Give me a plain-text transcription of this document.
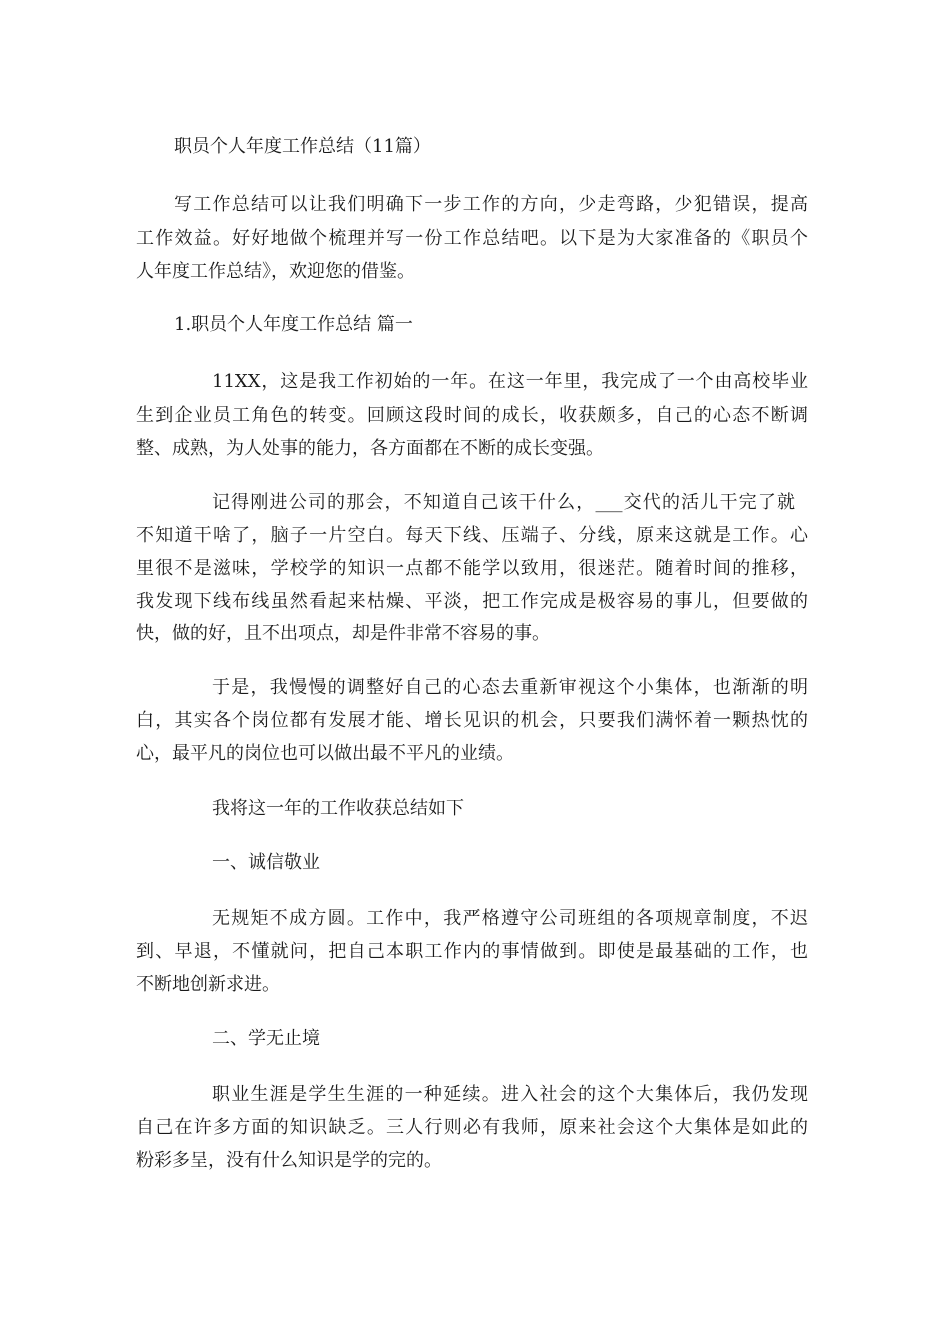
职员个人年度工作总结（11篇）
写工作总结可以让我们明确下一步工作的方向，少走弯路，少犯错误，提高
工作效益。好好地做个梳理并写一份工作总结吧。以下是为大家准备的《职员个
人年度工作总结》，欢迎您的借鉴。
1.职员个人年度工作总结 篇一
11XX，这是我工作初始的一年。在这一年里，我完成了一个由高校毕业
生到企业员工角色的转变。回顾这段时间的成长，收获颇多，自己的心态不断调
整、成熟，为人处事的能力，各方面都在不断的成长变强。
记得刚进公司的那会，不知道自己该干什么，___交代的活儿干完了就
不知道干啥了，脑子一片空白。每天下线、压端子、分线，原来这就是工作。心
里很不是滋味，学校学的知识一点都不能学以致用，很迷茫。随着时间的推移，
我发现下线布线虽然看起来枯燥、平淡，把工作完成是极容易的事儿，但要做的
快，做的好，且不出项点，却是件非常不容易的事。
于是，我慢慢的调整好自己的心态去重新审视这个小集体，也渐渐的明
白，其实各个岗位都有发展才能、增长见识的机会，只要我们满怀着一颗热忱的
心，最平凡的岗位也可以做出最不平凡的业绩。
我将这一年的工作收获总结如下
一、诚信敬业
无规矩不成方圆。工作中，我严格遵守公司班组的各项规章制度，不迟
到、早退，不懂就问，把自己本职工作内的事情做到。即使是最基础的工作，也
不断地创新求进。
二、学无止境
职业生涯是学生生涯的一种延续。进入社会的这个大集体后，我仍发现
自己在许多方面的知识缺乏。三人行则必有我师，原来社会这个大集体是如此的
粉彩多呈，没有什么知识是学的完的。
